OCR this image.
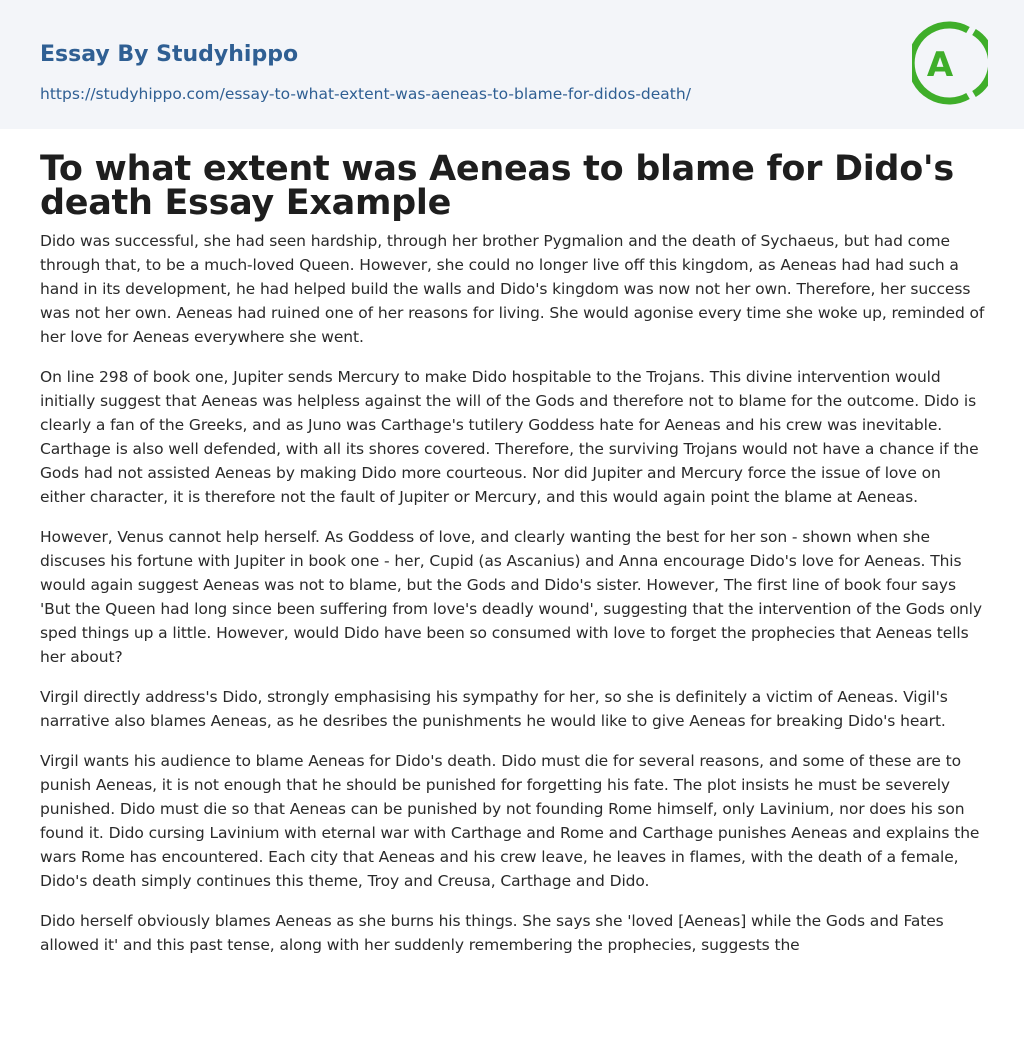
Essay By Studyhippo
https://studyhippo.com/essay-to-what-extent-was-aeneas-to-blame-for-didos-death/
A
To what extent was Aeneas to blame for Dido's death Essay Example

Dido was successful, she had seen hardship, through her brother Pygmalion and the death of Sychaeus, but had come through that, to be a much-loved Queen. However, she could no longer live off this kingdom, as Aeneas had had such a hand in its development, he had helped build the walls and Dido's kingdom was now not her own. Therefore, her success was not her own. Aeneas had ruined one of her reasons for living. She would agonise every time she woke up, reminded of her love for Aeneas everywhere she went.

On line 298 of book one, Jupiter sends Mercury to make Dido hospitable to the Trojans. This divine intervention would initially suggest that Aeneas was helpless against the will of the Gods and therefore not to blame for the outcome. Dido is clearly a fan of the Greeks, and as Juno was Carthage's tutilery Goddess hate for Aeneas and his crew was inevitable. Carthage is also well defended, with all its shores covered. Therefore, the surviving Trojans would not have a chance if the Gods had not assisted Aeneas by making Dido more courteous. Nor did Jupiter and Mercury force the issue of love on either character, it is therefore not the fault of Jupiter or Mercury, and this would again point the blame at Aeneas.

However, Venus cannot help herself. As Goddess of love, and clearly wanting the best for her son - shown when she discuses his fortune with Jupiter in book one - her, Cupid (as Ascanius) and Anna encourage Dido's love for Aeneas. This would again suggest Aeneas was not to blame, but the Gods and Dido's sister. However, The first line of book four says 'But the Queen had long since been suffering from love's deadly wound', suggesting that the intervention of the Gods only sped things up a little. However, would Dido have been so consumed with love to forget the prophecies that Aeneas tells her about?

Virgil directly address's Dido, strongly emphasising his sympathy for her, so she is definitely a victim of Aeneas. Vigil's narrative also blames Aeneas, as he desribes the punishments he would like to give Aeneas for breaking Dido's heart.

Virgil wants his audience to blame Aeneas for Dido's death. Dido must die for several reasons, and some of these are to punish Aeneas, it is not enough that he should be punished for forgetting his fate. The plot insists he must be severely punished. Dido must die so that Aeneas can be punished by not founding Rome himself, only Lavinium, nor does his son found it. Dido cursing Lavinium with eternal war with Carthage and Rome and Carthage punishes Aeneas and explains the wars Rome has encountered. Each city that Aeneas and his crew leave, he leaves in flames, with the death of a female, Dido's death simply continues this theme, Troy and Creusa, Carthage and Dido.

Dido herself obviously blames Aeneas as she burns his things. She says she 'loved [Aeneas] while the Gods and Fates allowed it' and this past tense, along with her suddenly remembering the prophecies, suggests the
